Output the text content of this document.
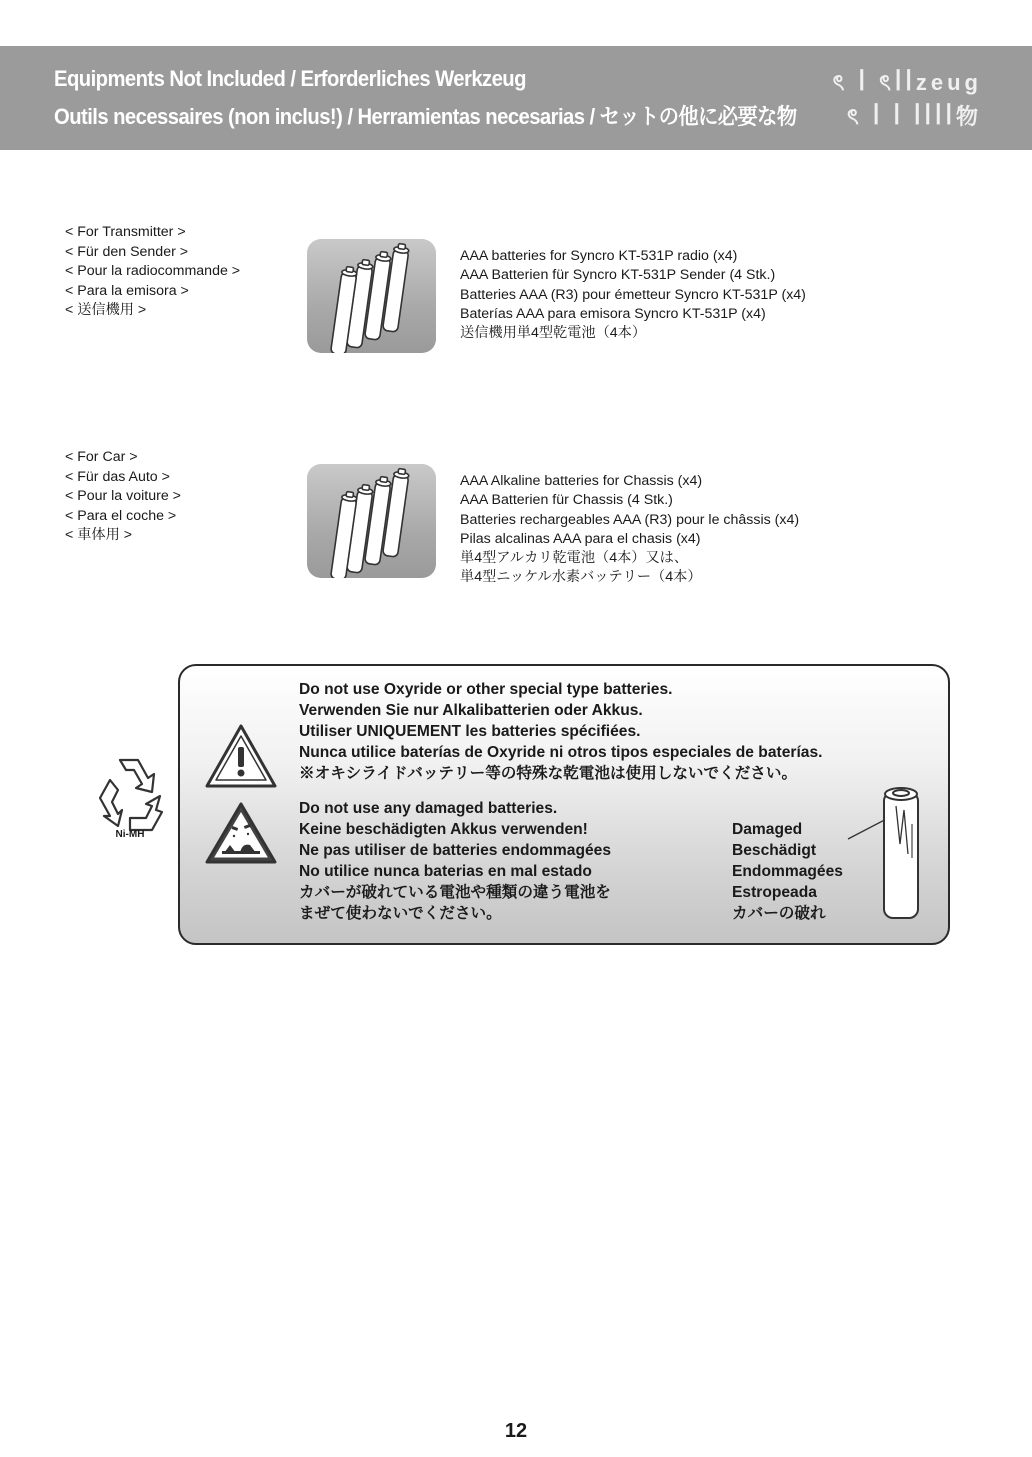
Equipments Not Included / Erforderliches Werkzeug
Outils necessaires (non inclus!) / Herramientas necesarias / セットの他に必要な物
ৎ ꟾ ৎꟾꟾzeug
ৎ ꟾ ꟾ ꟾꟾꟾꟾ物
< For Transmitter >
< Für den Sender >
< Pour la radiocommande >
< Para la emisora >
< 送信機用 >
AAA batteries for Syncro KT-531P radio (x4)
AAA Batterien für Syncro KT-531P Sender (4 Stk.)
Batteries AAA (R3) pour émetteur Syncro KT-531P (x4)
Baterías AAA para emisora Syncro KT-531P (x4)
送信機用単4型乾電池（4本）
< For Car >
< Für das Auto >
< Pour la voiture >
< Para el coche >
< 車体用 >
AAA Alkaline batteries for Chassis (x4)
AAA Batterien für Chassis (4 Stk.)
Batteries rechargeables AAA (R3) pour le châssis (x4)
Pilas alcalinas AAA para el chasis (x4)
単4型アルカリ乾電池（4本）又は、
単4型ニッケル水素バッテリー（4本）
Ni-MH
Do not use Oxyride or other special type batteries.
Verwenden Sie nur Alkalibatterien oder Akkus.
Utiliser UNIQUEMENT les batteries spécifiées.
Nunca utilice baterías de Oxyride ni otros tipos especiales de baterías.
※オキシライドバッテリー等の特殊な乾電池は使用しないでください。
Do not use any damaged batteries.
Keine beschädigten Akkus verwenden!
Ne pas utiliser de batteries endommagées
No utilice nunca baterias en mal estado
カバーが破れている電池や種類の違う電池を
まぜて使わないでください。
Damaged
Beschädigt
Endommagées
Estropeada
カバーの破れ
12
